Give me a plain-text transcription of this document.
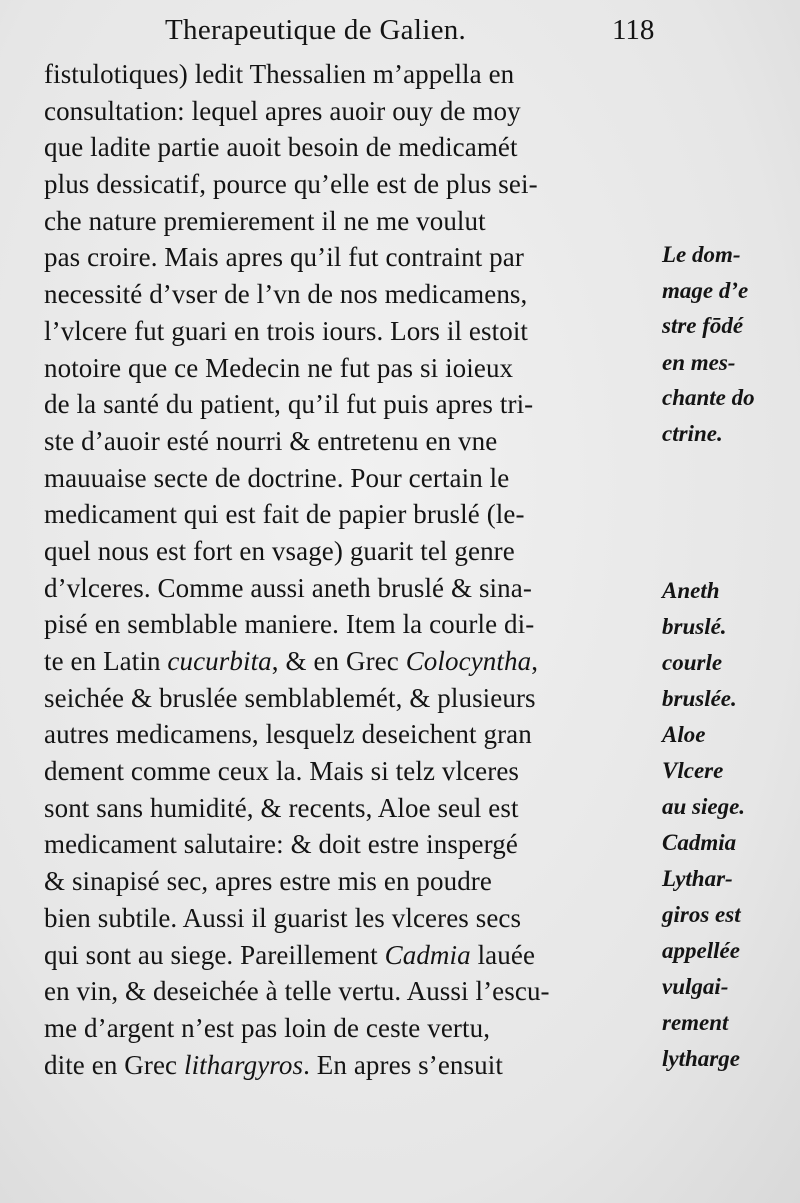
Therapeutique de Galien.	118
fistulotiques) ledit Thessalien m’appella en
consultation: lequel apres auoir ouy de moy
que ladite partie auoit besoin de medicamét
plus dessicatif, pource qu’elle est de plus sei-
che nature premierement il ne me voulut
pas croire. Mais apres qu’il fut contraint par
necessité d’vser de l’vn de nos medicamens,
l’vlcere fut guari en trois iours. Lors il estoit
notoire que ce Medecin ne fut pas si ioieux
de la santé du patient, qu’il fut puis apres tri-
ste d’auoir esté nourri & entretenu en vne
mauuaise secte de doctrine. Pour certain le
medicament qui est fait de papier bruslé (le-
quel nous est fort en vsage) guarit tel genre
d’vlceres. Comme aussi aneth bruslé & sina-
pisé en semblable maniere. Item la courle di-
te en Latin cucurbita, & en Grec Colocyntha,
seichée & bruslée semblablemét, & plusieurs
autres medicamens, lesquelz deseichent gran
dement comme ceux la. Mais si telz vlceres
sont sans humidité, & recents, Aloe seul est
medicament salutaire: & doit estre inspergé
& sinapisé sec, apres estre mis en poudre
bien subtile. Aussi il guarist les vlceres secs
qui sont au siege. Pareillement Cadmia lauée
en vin, & deseichée à telle vertu. Aussi l’escu-
me d’argent n’est pas loin de ceste vertu,
dite en Grec lithargyros. En apres s’ensuit
Le dom-
mage d’e
stre fōdé
en mes-
chante do
ctrine.
Aneth
bruslé.
courle
bruslée.
Aloe
Vlcere
au siege.
Cadmia
Lythar-
giros est
appellée
vulgai-
rement
lytharge
